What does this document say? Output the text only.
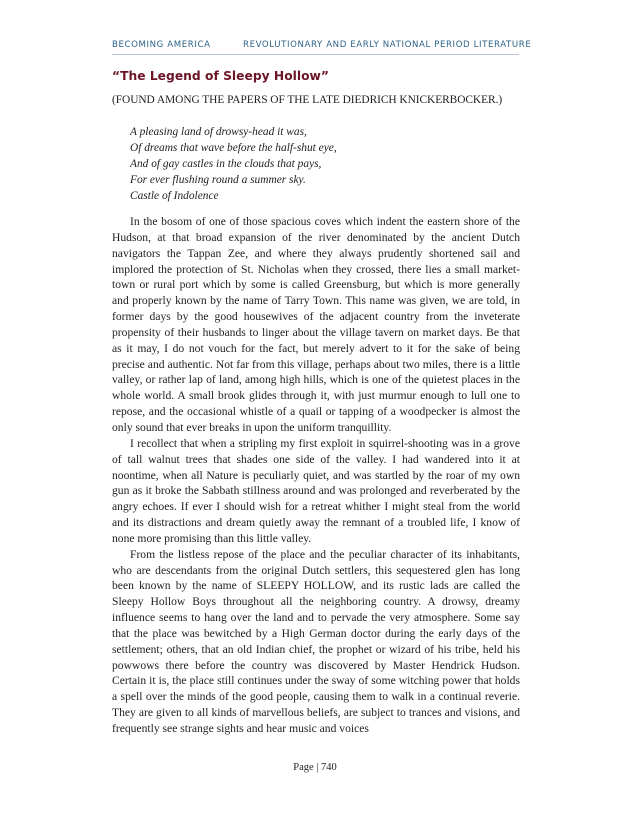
BECOMING AMERICA	REVOLUTIONARY AND EARLY NATIONAL PERIOD LITERATURE
“The Legend of Sleepy Hollow”
(FOUND AMONG THE PAPERS OF THE LATE DIEDRICH KNICKERBOCKER.)
A pleasing land of drowsy-head it was,
Of dreams that wave before the half-shut eye,
And of gay castles in the clouds that pays,
For ever flushing round a summer sky.
Castle of Indolence

In the bosom of one of those spacious coves which indent the eastern shore of the Hudson, at that broad expansion of the river denominated by the ancient Dutch navigators the Tappan Zee, and where they always prudently shortened sail and implored the protection of St. Nicholas when they crossed, there lies a small market-town or rural port which by some is called Greensburg, but which is more generally and properly known by the name of Tarry Town. This name was given, we are told, in former days by the good housewives of the adjacent country from the inveterate propensity of their husbands to linger about the village tavern on market days. Be that as it may, I do not vouch for the fact, but merely advert to it for the sake of being precise and authentic. Not far from this village, perhaps about two miles, there is a little valley, or rather lap of land, among high hills, which is one of the quietest places in the whole world. A small brook glides through it, with just murmur enough to lull one to repose, and the occasional whistle of a quail or tapping of a woodpecker is almost the only sound that ever breaks in upon the uniform tranquillity.

I recollect that when a stripling my first exploit in squirrel-shooting was in a grove of tall walnut trees that shades one side of the valley. I had wandered into it at noontime, when all Nature is peculiarly quiet, and was startled by the roar of my own gun as it broke the Sabbath stillness around and was prolonged and reverberated by the angry echoes. If ever I should wish for a retreat whither I might steal from the world and its distractions and dream quietly away the remnant of a troubled life, I know of none more promising than this little valley.

From the listless repose of the place and the peculiar character of its inhabitants, who are descendants from the original Dutch settlers, this sequestered glen has long been known by the name of SLEEPY HOLLOW, and its rustic lads are called the Sleepy Hollow Boys throughout all the neighboring country. A drowsy, dreamy influence seems to hang over the land and to pervade the very atmosphere. Some say that the place was bewitched by a High German doctor during the early days of the settlement; others, that an old Indian chief, the prophet or wizard of his tribe, held his powwows there before the country was discovered by Master Hendrick Hudson. Certain it is, the place still continues under the sway of some witching power that holds a spell over the minds of the good people, causing them to walk in a continual reverie. They are given to all kinds of marvellous beliefs, are subject to trances and visions, and frequently see strange sights and hear music and voices

Page | 740
